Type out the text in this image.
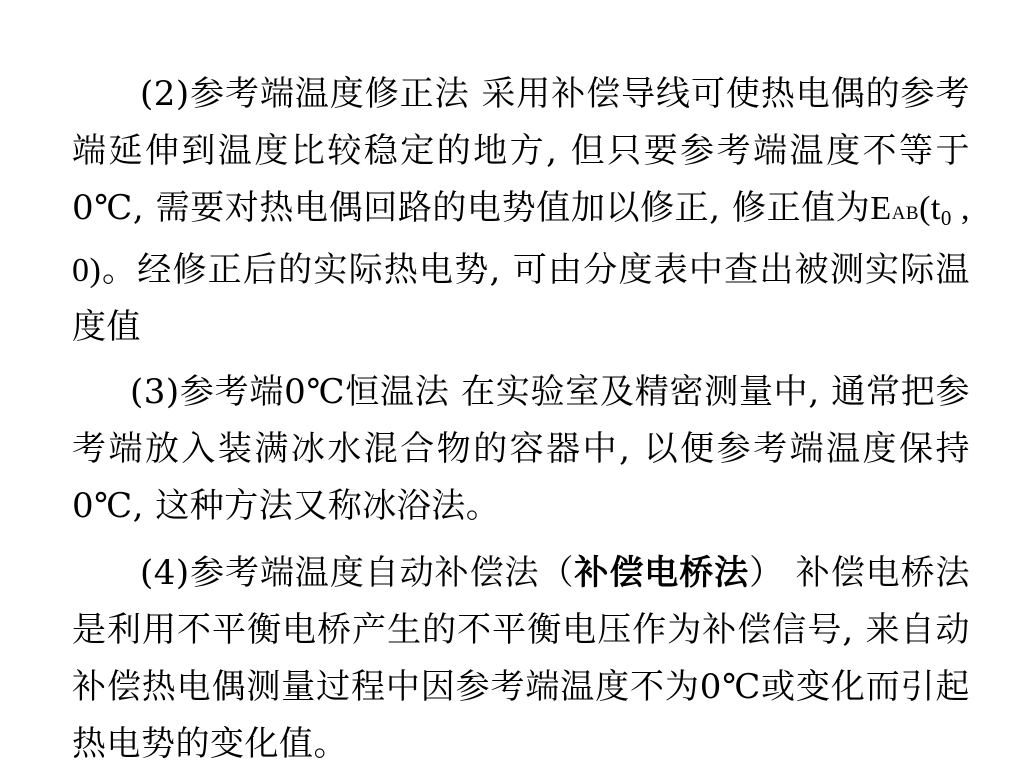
(2)参考端温度修正法 采用补偿导线可使热电偶的参考端延伸到温度比较稳定的地方, 但只要参考端温度不等于0℃, 需要对热电偶回路的电势值加以修正, 修正值为$EAB(t_0$ , 0)。经修正后的实际热电势, 可由分度表中查出被测实际温度值

(3)参考端0℃恒温法 在实验室及精密测量中, 通常把参考端放入装满冰水混合物的容器中, 以便参考端温度保持0℃, 这种方法又称冰浴法。

(4)参考端温度自动补偿法（补偿电桥法） 补偿电桥法是利用不平衡电桥产生的不平衡电压作为补偿信号, 来自动补偿热电偶测量过程中因参考端温度不为0℃或变化而引起热电势的变化值。
